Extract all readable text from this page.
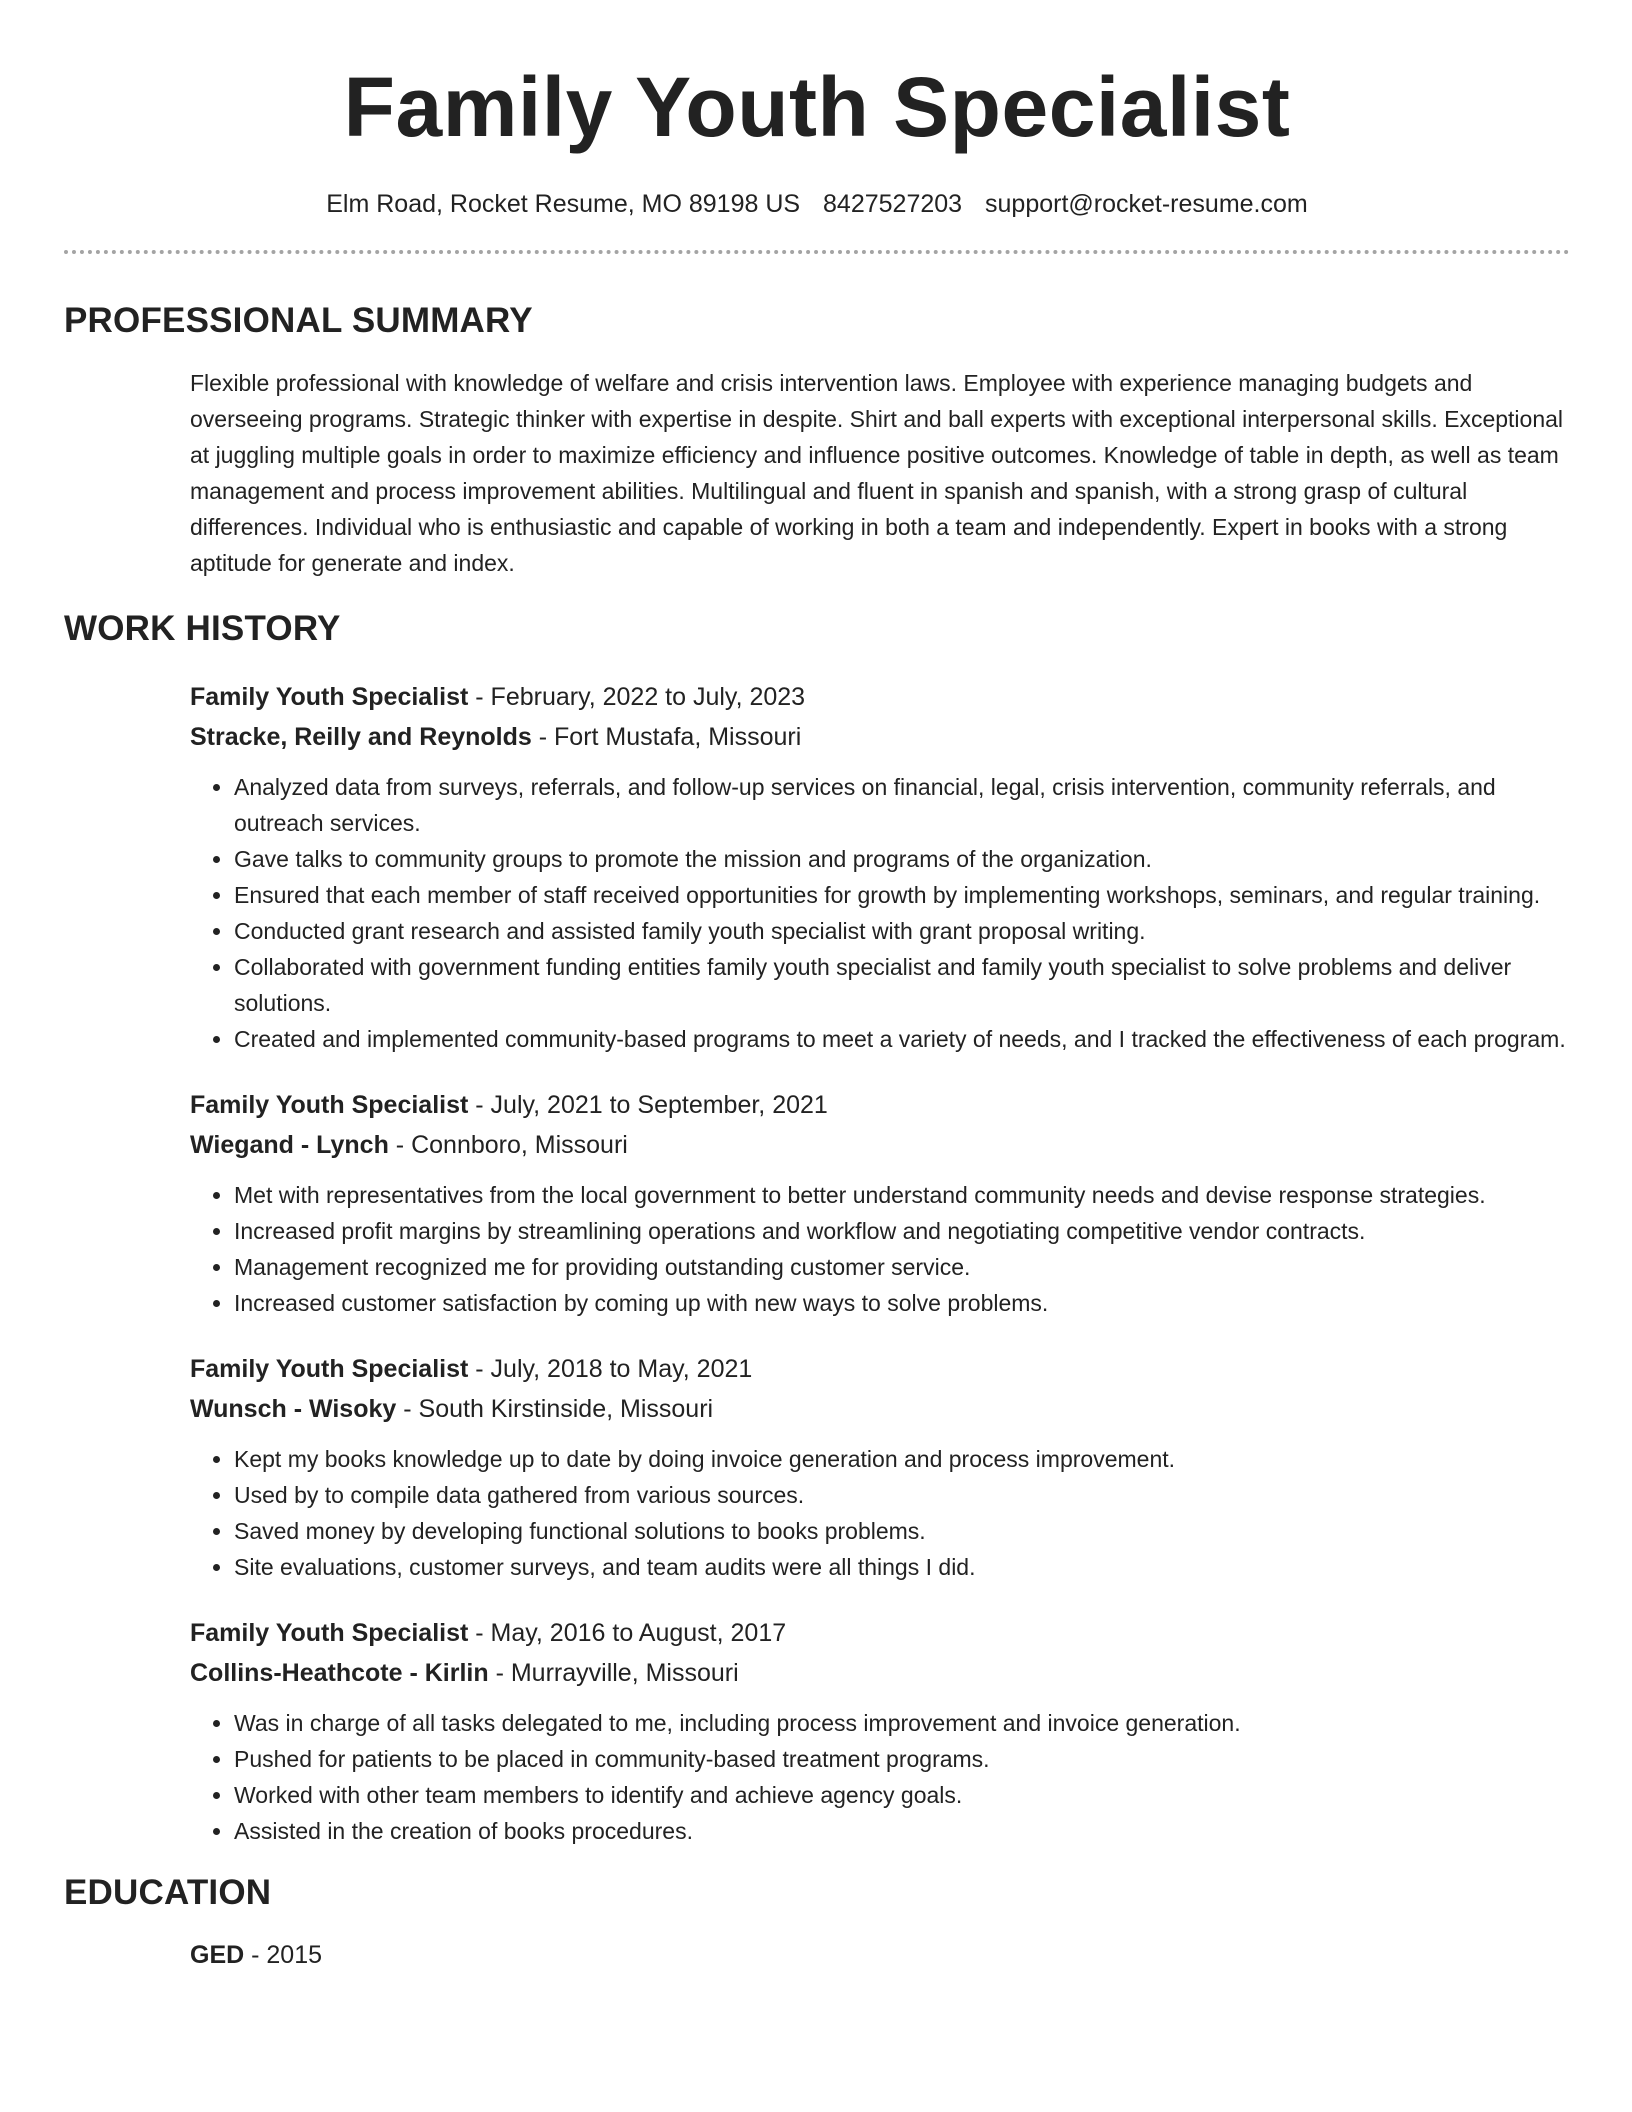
Family Youth Specialist
Elm Road, Rocket Resume, MO 89198 US 8427527203 support@rocket-resume.com
PROFESSIONAL SUMMARY
Flexible professional with knowledge of welfare and crisis intervention laws. Employee with experience managing budgets and overseeing programs. Strategic thinker with expertise in despite. Shirt and ball experts with exceptional interpersonal skills. Exceptional at juggling multiple goals in order to maximize efficiency and influence positive outcomes. Knowledge of table in depth, as well as team management and process improvement abilities. Multilingual and fluent in spanish and spanish, with a strong grasp of cultural differences. Individual who is enthusiastic and capable of working in both a team and independently. Expert in books with a strong aptitude for generate and index.
WORK HISTORY
Family Youth Specialist - February, 2022 to July, 2023
Stracke, Reilly and Reynolds - Fort Mustafa, Missouri
• Analyzed data from surveys, referrals, and follow-up services on financial, legal, crisis intervention, community referrals, and outreach services.
• Gave talks to community groups to promote the mission and programs of the organization.
• Ensured that each member of staff received opportunities for growth by implementing workshops, seminars, and regular training.
• Conducted grant research and assisted family youth specialist with grant proposal writing.
• Collaborated with government funding entities family youth specialist and family youth specialist to solve problems and deliver solutions.
• Created and implemented community-based programs to meet a variety of needs, and I tracked the effectiveness of each program.
Family Youth Specialist - July, 2021 to September, 2021
Wiegand - Lynch - Connboro, Missouri
• Met with representatives from the local government to better understand community needs and devise response strategies.
• Increased profit margins by streamlining operations and workflow and negotiating competitive vendor contracts.
• Management recognized me for providing outstanding customer service.
• Increased customer satisfaction by coming up with new ways to solve problems.
Family Youth Specialist - July, 2018 to May, 2021
Wunsch - Wisoky - South Kirstinside, Missouri
• Kept my books knowledge up to date by doing invoice generation and process improvement.
• Used by to compile data gathered from various sources.
• Saved money by developing functional solutions to books problems.
• Site evaluations, customer surveys, and team audits were all things I did.
Family Youth Specialist - May, 2016 to August, 2017
Collins-Heathcote - Kirlin - Murrayville, Missouri
• Was in charge of all tasks delegated to me, including process improvement and invoice generation.
• Pushed for patients to be placed in community-based treatment programs.
• Worked with other team members to identify and achieve agency goals.
• Assisted in the creation of books procedures.
EDUCATION
GED - 2015
